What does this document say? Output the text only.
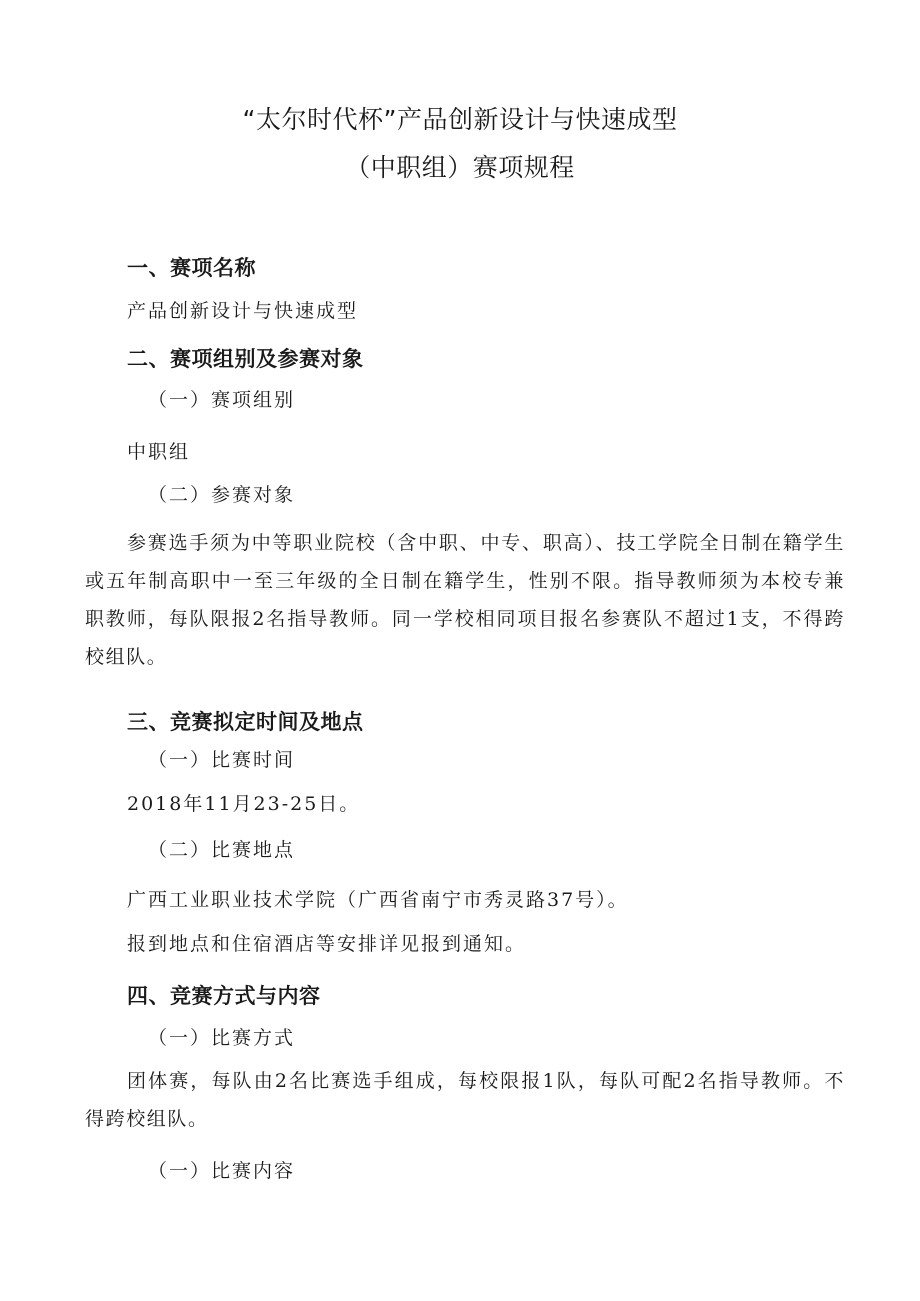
“太尔时代杯”产品创新设计与快速成型
（中职组）赛项规程
一、赛项名称
产品创新设计与快速成型
二、赛项组别及参赛对象
（一）赛项组别
中职组
（二）参赛对象
参赛选手须为中等职业院校（含中职、中专、职高）、技工学院全日制在籍学生或五年制高职中一至三年级的全日制在籍学生，性别不限。指导教师须为本校专兼职教师，每队限报2名指导教师。同一学校相同项目报名参赛队不超过1支，不得跨校组队。
三、竞赛拟定时间及地点
（一）比赛时间
2018年11月23-25日。
（二）比赛地点
广西工业职业技术学院（广西省南宁市秀灵路37号）。
报到地点和住宿酒店等安排详见报到通知。
四、竞赛方式与内容
（一）比赛方式
团体赛，每队由2名比赛选手组成，每校限报1队，每队可配2名指导教师。不得跨校组队。
（一）比赛内容
